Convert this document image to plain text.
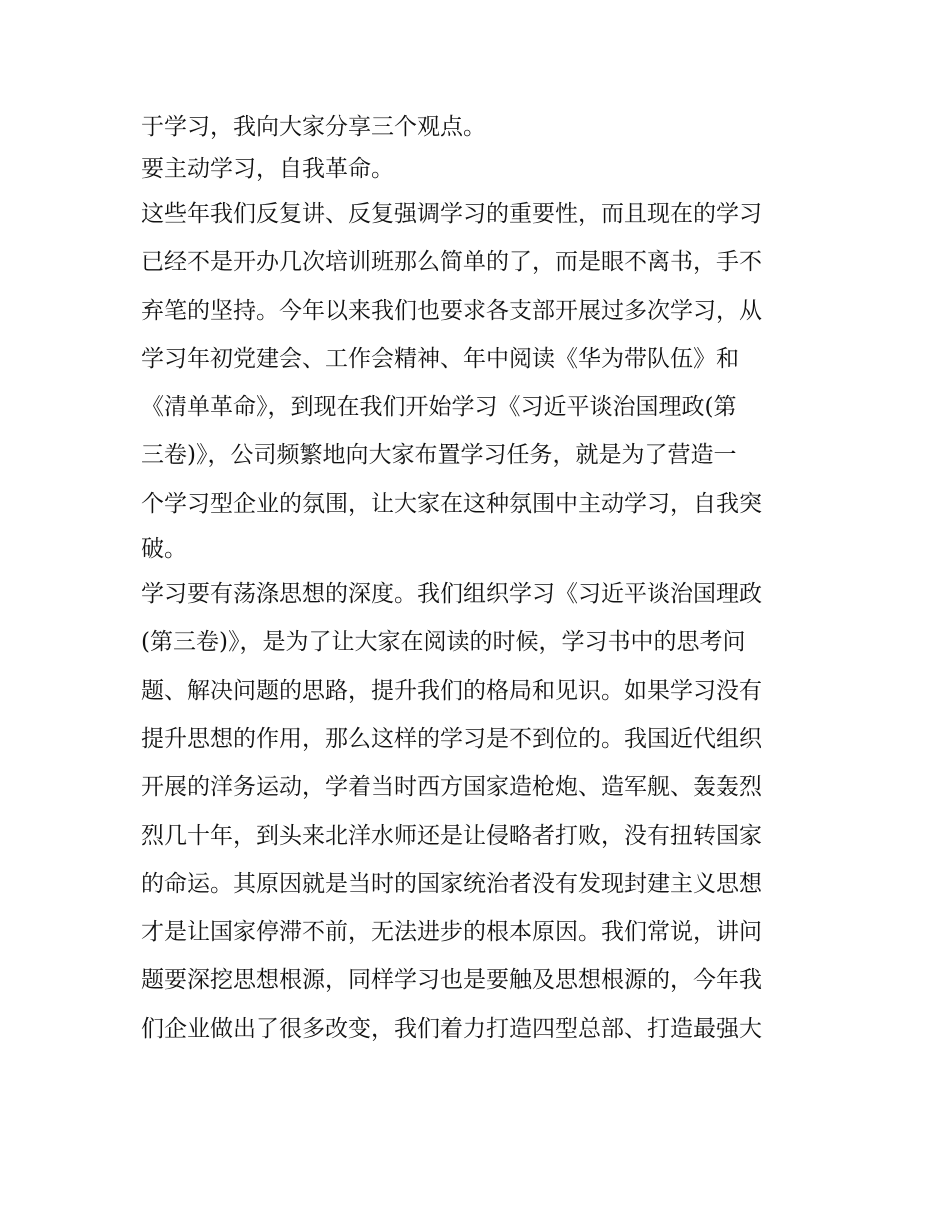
于学习，我向大家分享三个观点。
要主动学习，自我革命。
这些年我们反复讲、反复强调学习的重要性，而且现在的学习
已经不是开办几次培训班那么简单的了，而是眼不离书，手不
弃笔的坚持。今年以来我们也要求各支部开展过多次学习，从
学习年初党建会、工作会精神、年中阅读《华为带队伍》和
《清单革命》，到现在我们开始学习《习近平谈治国理政(第
三卷)》，公司频繁地向大家布置学习任务，就是为了营造一
个学习型企业的氛围，让大家在这种氛围中主动学习，自我突
破。
学习要有荡涤思想的深度。我们组织学习《习近平谈治国理政
(第三卷)》，是为了让大家在阅读的时候，学习书中的思考问
题、解决问题的思路，提升我们的格局和见识。如果学习没有
提升思想的作用，那么这样的学习是不到位的。我国近代组织
开展的洋务运动，学着当时西方国家造枪炮、造军舰、轰轰烈
烈几十年，到头来北洋水师还是让侵略者打败，没有扭转国家
的命运。其原因就是当时的国家统治者没有发现封建主义思想
才是让国家停滞不前，无法进步的根本原因。我们常说，讲问
题要深挖思想根源，同样学习也是要触及思想根源的，今年我
们企业做出了很多改变，我们着力打造四型总部、打造最强大
